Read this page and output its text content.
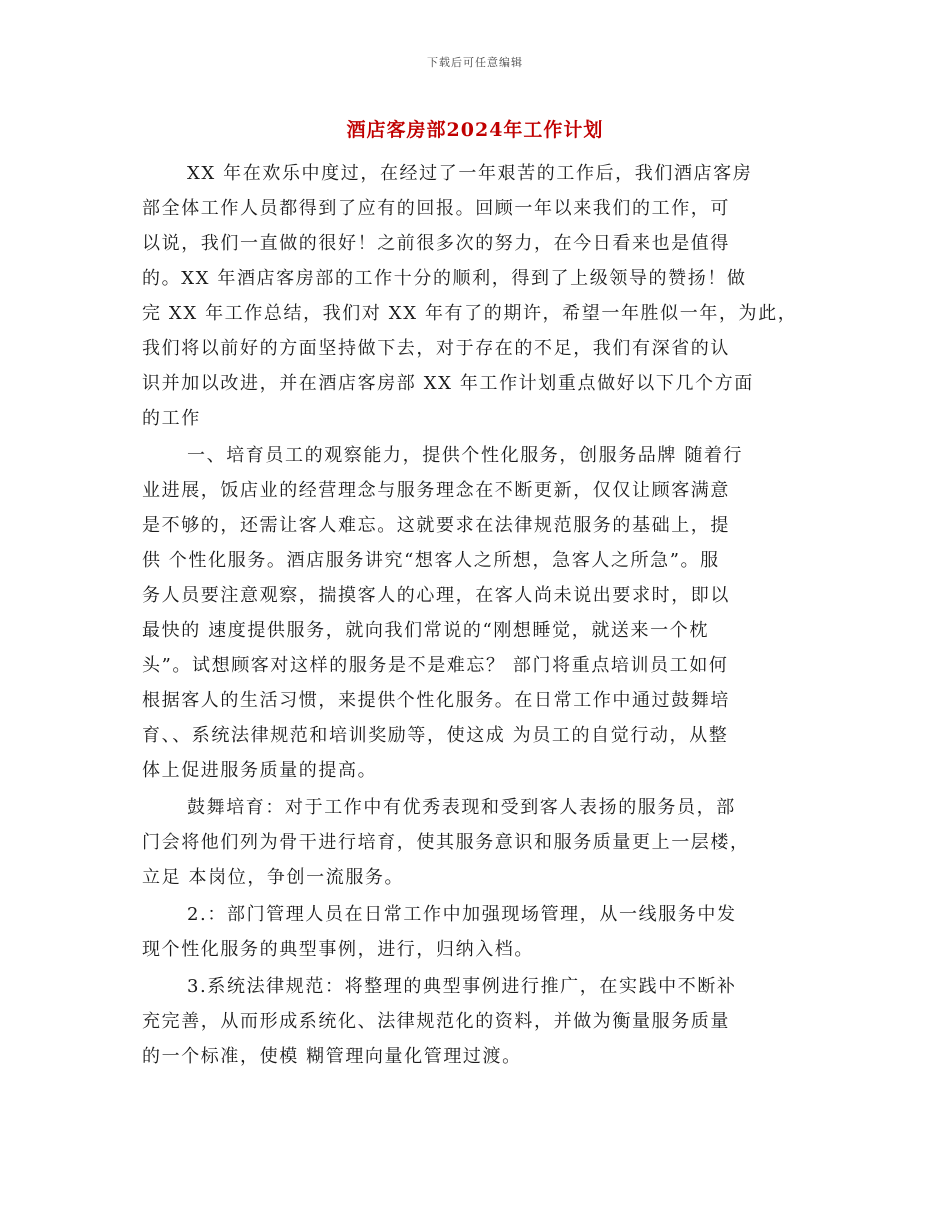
下载后可任意编辑
酒店客房部2024年工作计划
XX 年在欢乐中度过，在经过了一年艰苦的工作后，我们酒店客房
部全体工作人员都得到了应有的回报。回顾一年以来我们的工作，可
以说，我们一直做的很好！之前很多次的努力，在今日看来也是值得
的。XX 年酒店客房部的工作十分的顺利，得到了上级领导的赞扬！做
完 XX 年工作总结，我们对 XX 年有了的期许，希望一年胜似一年，为此，
我们将以前好的方面坚持做下去，对于存在的不足，我们有深省的认
识并加以改进，并在酒店客房部 XX 年工作计划重点做好以下几个方面
的工作
一、培育员工的观察能力，提供个性化服务，创服务品牌 随着行
业进展，饭店业的经营理念与服务理念在不断更新，仅仅让顾客满意
是不够的，还需让客人难忘。这就要求在法律规范服务的基础上，提
供 个性化服务。酒店服务讲究“想客人之所想，急客人之所急”。服
务人员要注意观察，揣摸客人的心理，在客人尚未说出要求时，即以
最快的 速度提供服务，就向我们常说的“刚想睡觉，就送来一个枕
头”。试想顾客对这样的服务是不是难忘？ 部门将重点培训员工如何
根据客人的生活习惯，来提供个性化服务。在日常工作中通过鼓舞培
育、、系统法律规范和培训奖励等，使这成 为员工的自觉行动，从整
体上促进服务质量的提高。
鼓舞培育：对于工作中有优秀表现和受到客人表扬的服务员，部
门会将他们列为骨干进行培育，使其服务意识和服务质量更上一层楼，
立足 本岗位，争创一流服务。
2.：部门管理人员在日常工作中加强现场管理，从一线服务中发
现个性化服务的典型事例，进行，归纳入档。
3.系统法律规范：将整理的典型事例进行推广，在实践中不断补
充完善，从而形成系统化、法律规范化的资料，并做为衡量服务质量
的一个标准，使模 糊管理向量化管理过渡。
